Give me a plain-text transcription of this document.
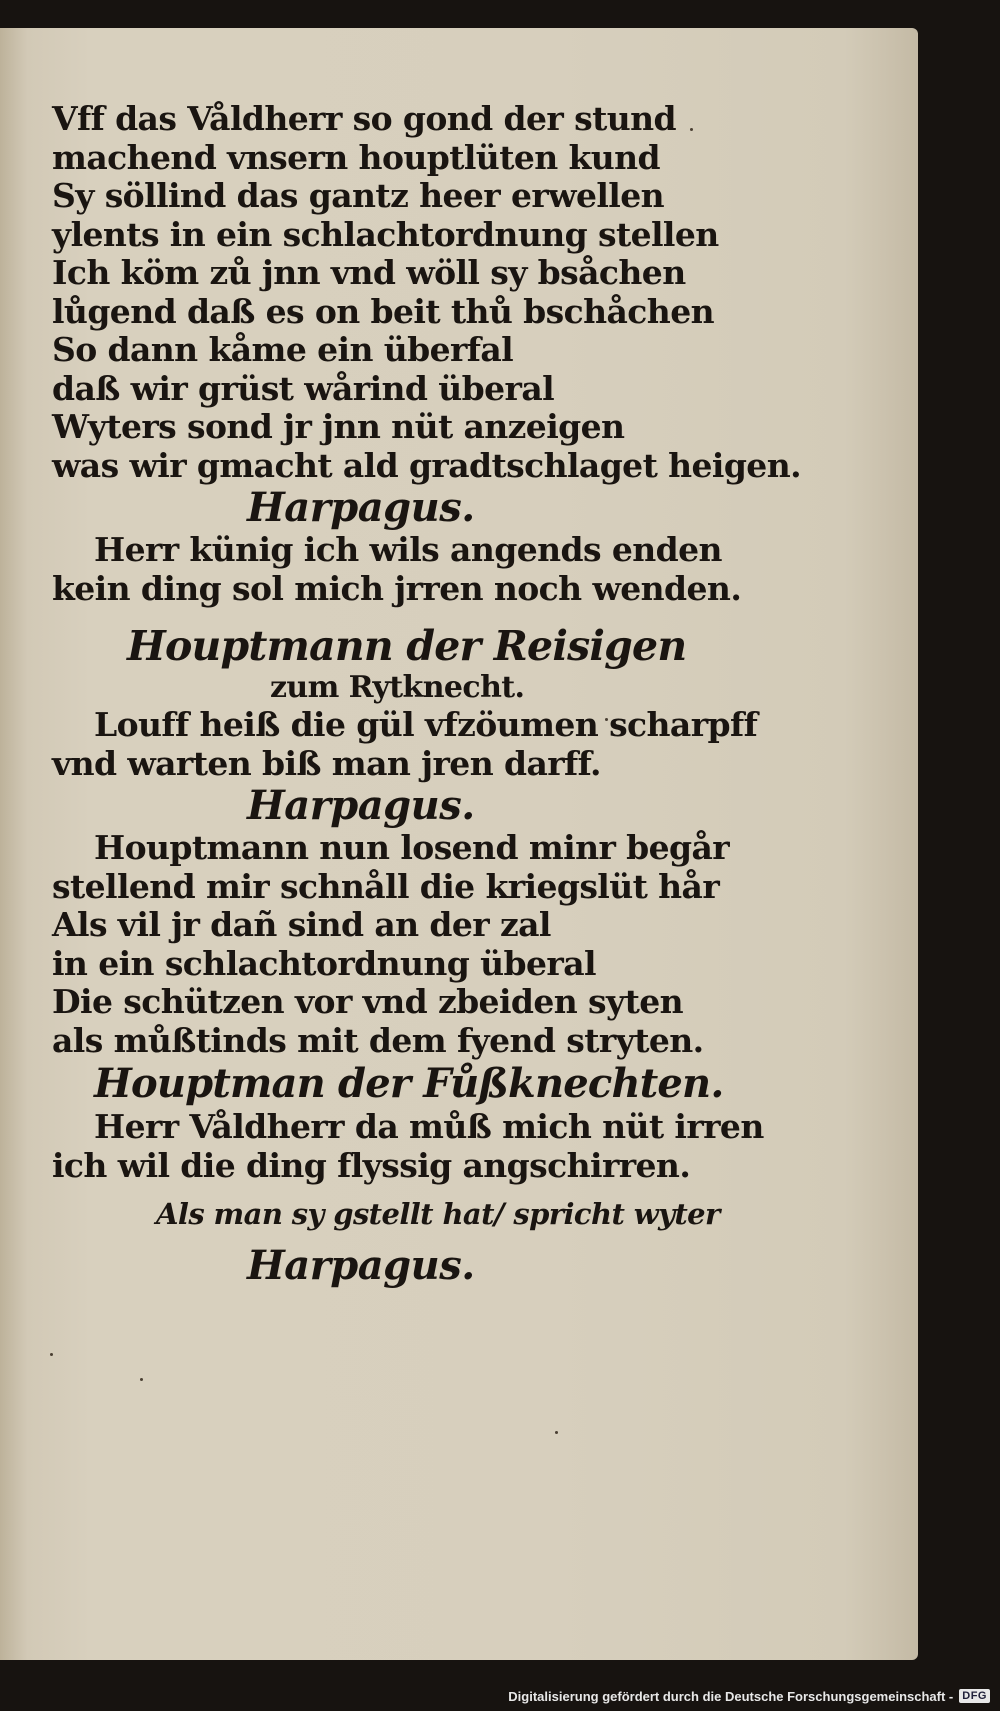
Vff das Våldherr so gond der stund
machend vnsern houptlüten kund
Sy söllind das gantz heer erwellen
ylents in ein schlachtordnung stellen
Ich köm zů jnn vnd wöll sy bsåchen
lůgend daß es on beit thů bschåchen
So dann kåme ein überfal
daß wir grüst wårind überal
Wyters sond jr jnn nüt anzeigen
was wir gmacht ald gradtschlaget heigen.
Harpagus.
Herr künig ich wils angends enden
kein ding sol mich jrren noch wenden.
Houptmann der Reisigen
zum Rytknecht.
Louff heiß die gül vfzöumen scharpff
vnd warten biß man jren darff.
Harpagus.
Houptmann nun losend minr begår
stellend mir schnåll die kriegslüt hår
Als vil jr dañ sind an der zal
in ein schlachtordnung überal
Die schützen vor vnd zbeiden syten
als můßtinds mit dem fyend stryten.
Houptman der Fůßknechten.
Herr Våldherr da můß mich nüt irren
ich wil die ding flyssig angschirren.
Als man sy gstellt hat/ spricht wyter
Harpagus.
Digitalisierung gefördert durch die Deutsche Forschungsgemeinschaft - DFG
